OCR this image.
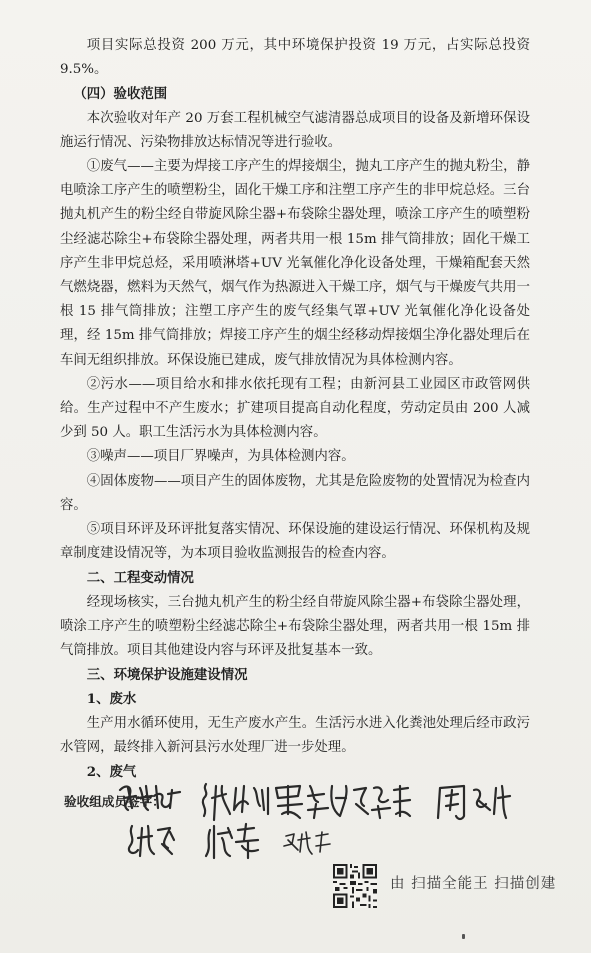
项目实际总投资 200 万元，其中环境保护投资 19 万元，占实际总投资 9.5%。

（四）验收范围

本次验收对年产 20 万套工程机械空气滤清器总成项目的设备及新增环保设施运行情况、污染物排放达标情况等进行验收。

①废气——主要为焊接工序产生的焊接烟尘，抛丸工序产生的抛丸粉尘，静电喷涂工序产生的喷塑粉尘，固化干燥工序和注塑工序产生的非甲烷总烃。三台抛丸机产生的粉尘经自带旋风除尘器+布袋除尘器处理，喷涂工序产生的喷塑粉尘经滤芯除尘+布袋除尘器处理，两者共用一根 15m 排气筒排放；固化干燥工序产生非甲烷总烃，采用喷淋塔+UV 光氧催化净化设备处理，干燥箱配套天然气燃烧器，燃料为天然气，烟气作为热源进入干燥工序，烟气与干燥废气共用一根 15 排气筒排放；注塑工序产生的废气经集气罩+UV 光氧催化净化设备处理，经 15m 排气筒排放；焊接工序产生的烟尘经移动焊接烟尘净化器处理后在车间无组织排放。环保设施已建成，废气排放情况为具体检测内容。

②污水——项目给水和排水依托现有工程；由新河县工业园区市政管网供给。生产过程中不产生废水；扩建项目提高自动化程度，劳动定员由 200 人减少到 50 人。职工生活污水为具体检测内容。

③噪声——项目厂界噪声，为具体检测内容。

④固体废物——项目产生的固体废物，尤其是危险废物的处置情况为检查内容。

⑤项目环评及环评批复落实情况、环保设施的建设运行情况、环保机构及规章制度建设情况等，为本项目验收监测报告的检查内容。

二、工程变动情况

经现场核实，三台抛丸机产生的粉尘经自带旋风除尘器+布袋除尘器处理，喷涂工序产生的喷塑粉尘经滤芯除尘+布袋除尘器处理，两者共用一根 15m 排气筒排放。项目其他建设内容与环评及批复基本一致。

三、环境保护设施建设情况

1、废水

生产用水循环使用，无生产废水产生。生活污水进入化粪池处理后经市政污水管网，最终排入新河县污水处理厂进一步处理。

2、废气

验收组成员签字：
由 扫描全能王 扫描创建
